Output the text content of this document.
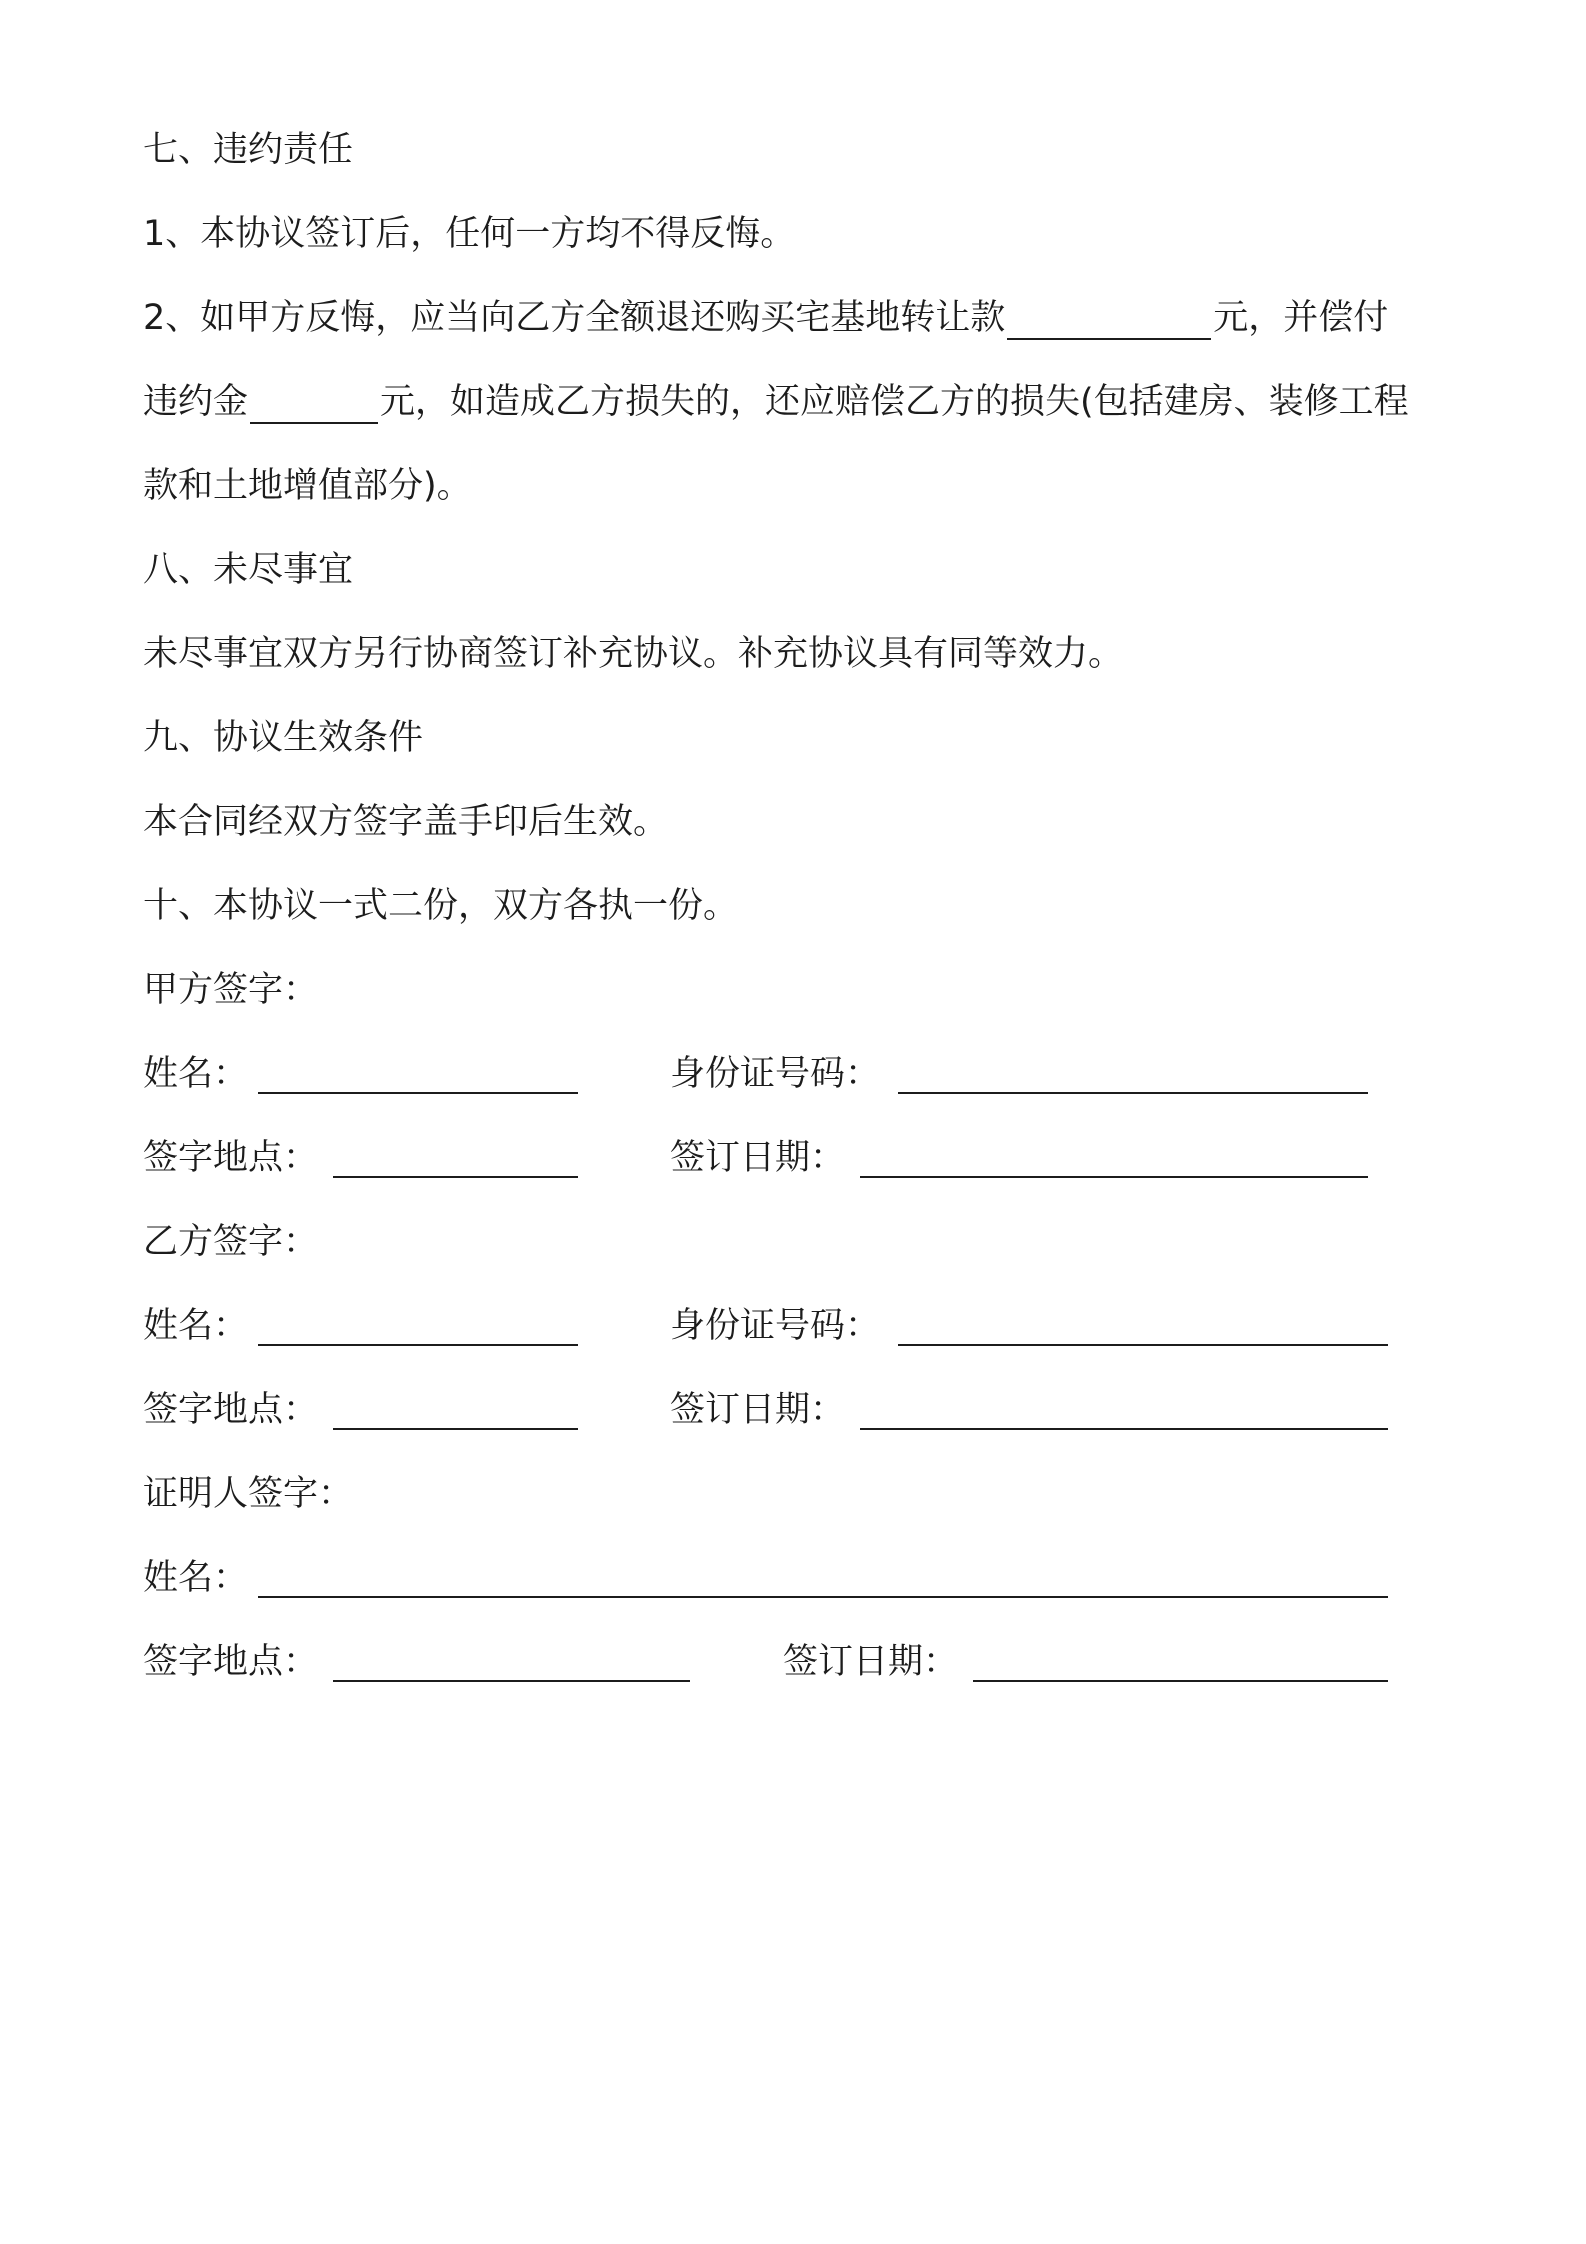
七、违约责任
1、本协议签订后，任何一方均不得反悔。
2、如甲方反悔，应当向乙方全额退还购买宅基地转让款	元，并偿付
违约金	元，如造成乙方损失的，还应赔偿乙方的损失(包括建房、装修工程
款和土地增值部分)。
八、未尽事宜
未尽事宜双方另行协商签订补充协议。补充协议具有同等效力。
九、协议生效条件
本合同经双方签字盖手印后生效。
十、本协议一式二份，双方各执一份。
甲方签字：
姓名：	身份证号码：
签字地点：	签订日期：
乙方签字：
姓名：	身份证号码：
签字地点：	签订日期：
证明人签字：
姓名：
签字地点：	签订日期：
